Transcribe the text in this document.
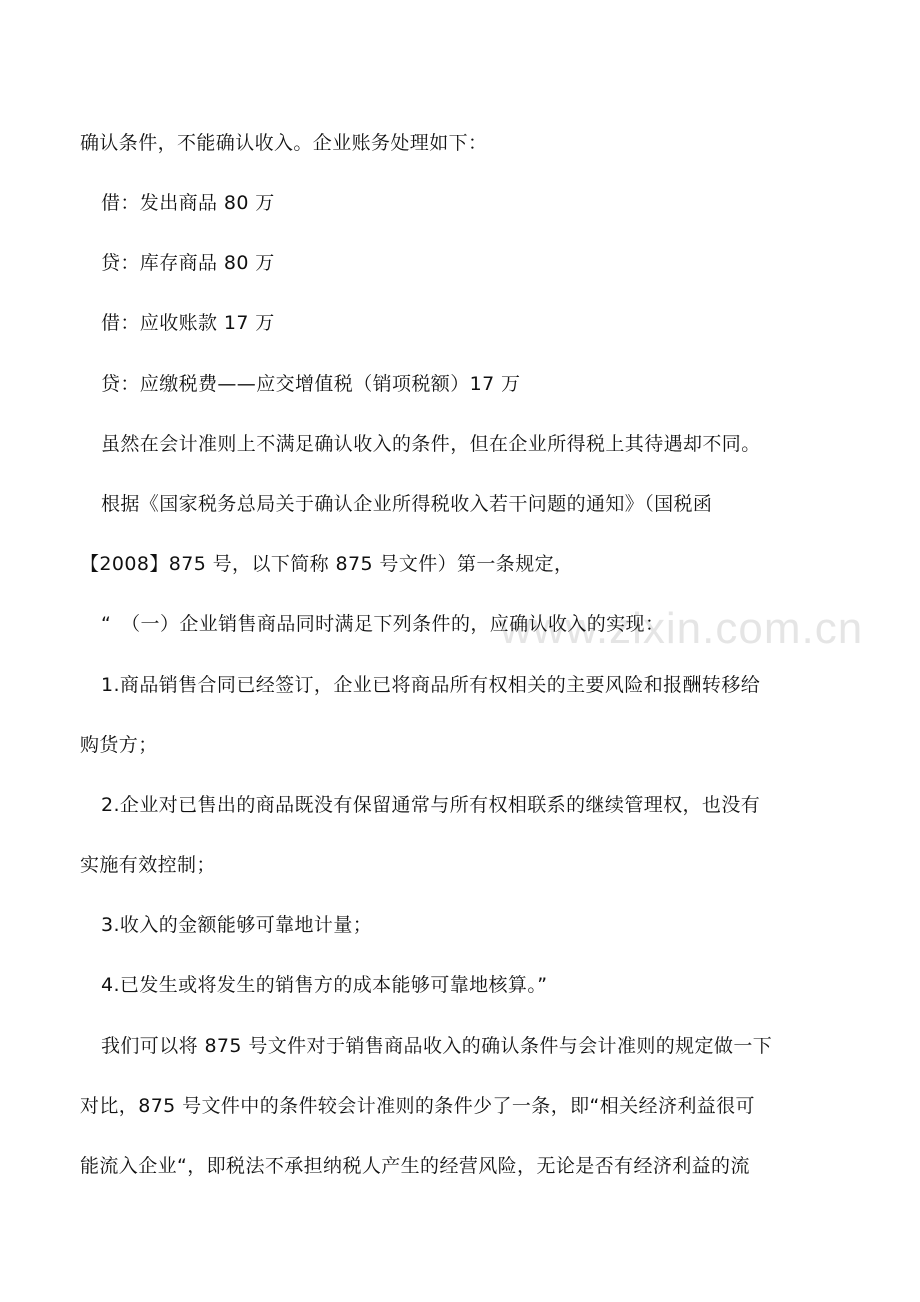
www.zixin.com.cn
确认条件，不能确认收入。企业账务处理如下：
借：发出商品 80 万
贷：库存商品 80 万
借：应收账款 17 万
贷：应缴税费——应交增值税（销项税额）17 万
虽然在会计准则上不满足确认收入的条件，但在企业所得税上其待遇却不同。
根据《国家税务总局关于确认企业所得税收入若干问题的通知》（国税函
【2008】875 号，以下简称 875 号文件）第一条规定，
“　（一）企业销售商品同时满足下列条件的，应确认收入的实现：
1.商品销售合同已经签订，企业已将商品所有权相关的主要风险和报酬转移给
购货方；
2.企业对已售出的商品既没有保留通常与所有权相联系的继续管理权，也没有
实施有效控制；
3.收入的金额能够可靠地计量；
4.已发生或将发生的销售方的成本能够可靠地核算。”
我们可以将 875 号文件对于销售商品收入的确认条件与会计准则的规定做一下
对比，875 号文件中的条件较会计准则的条件少了一条，即“相关经济利益很可
能流入企业“，即税法不承担纳税人产生的经营风险，无论是否有经济利益的流
